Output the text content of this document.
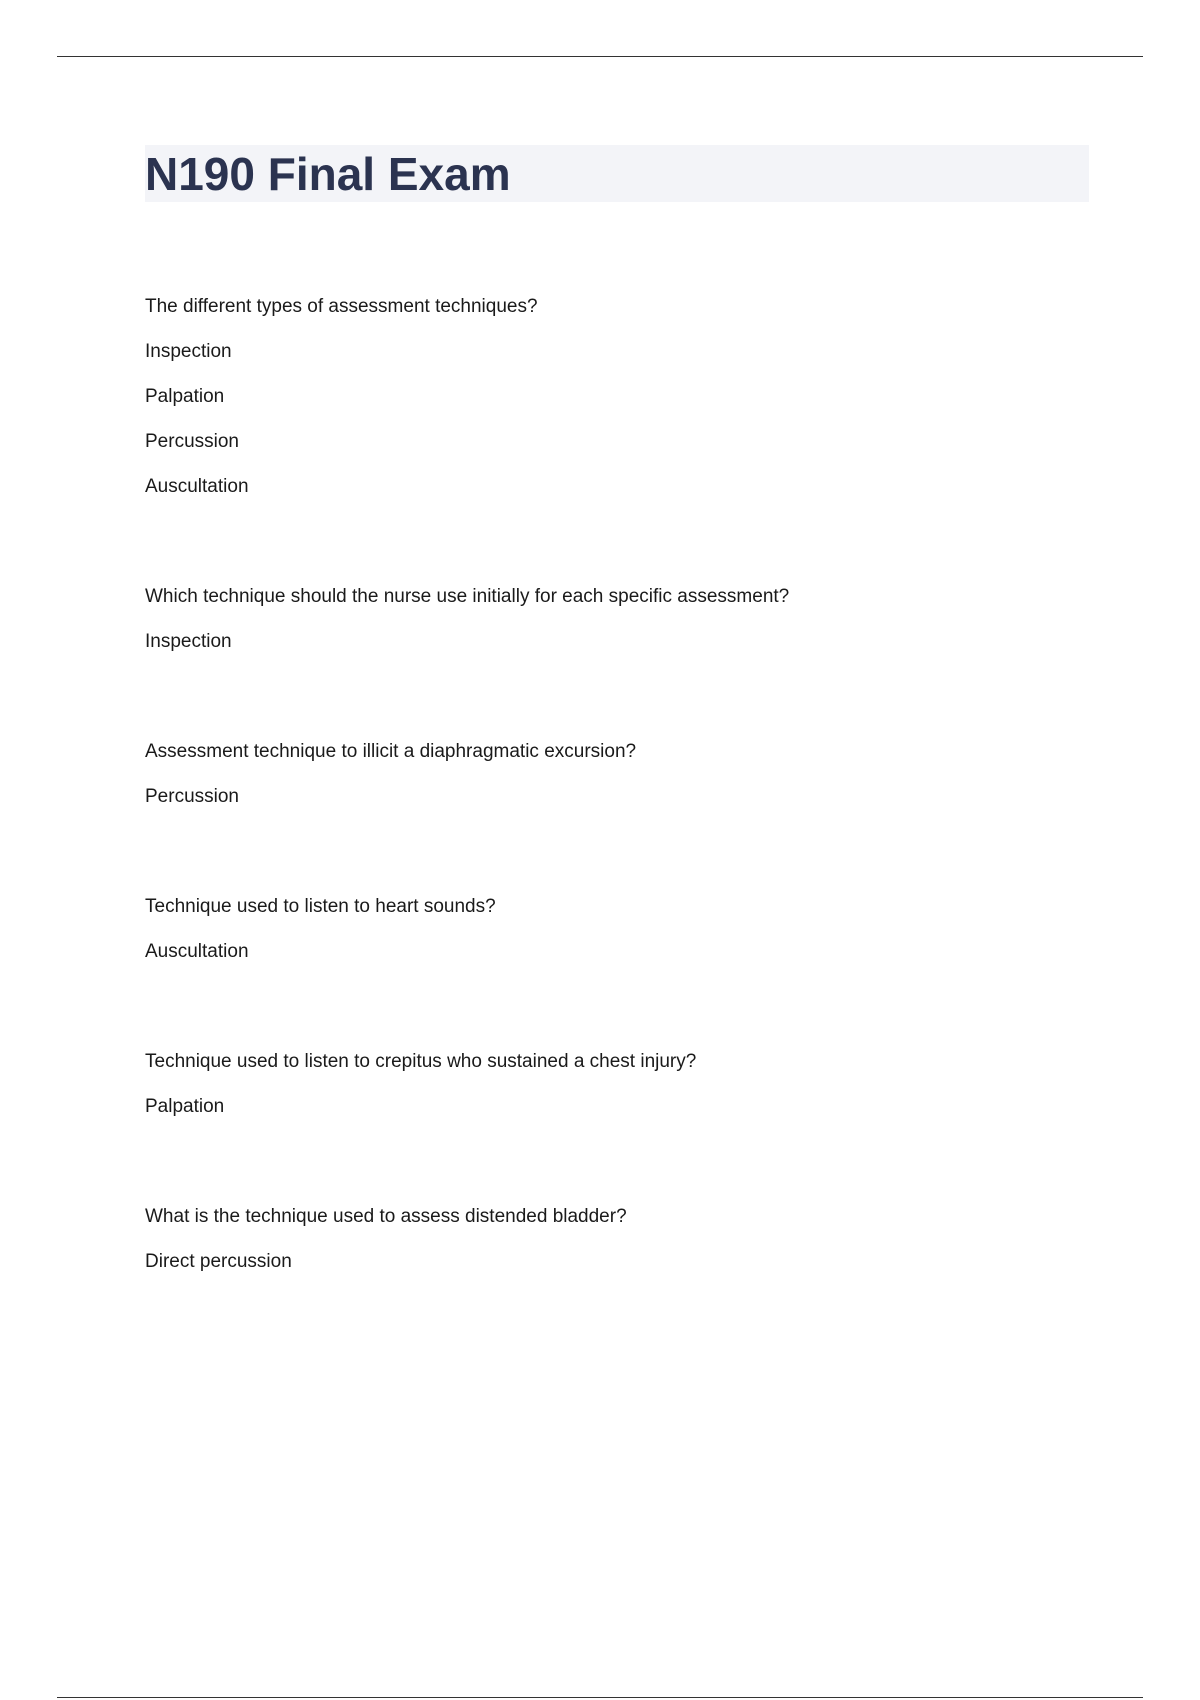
N190 Final Exam
The different types of assessment techniques?
Inspection
Palpation
Percussion
Auscultation
Which technique should the nurse use initially for each specific assessment?
Inspection
Assessment technique to illicit a diaphragmatic excursion?
Percussion
Technique used to listen to heart sounds?
Auscultation
Technique used to listen to crepitus who sustained a chest injury?
Palpation
What is the technique used to assess distended bladder?
Direct percussion
